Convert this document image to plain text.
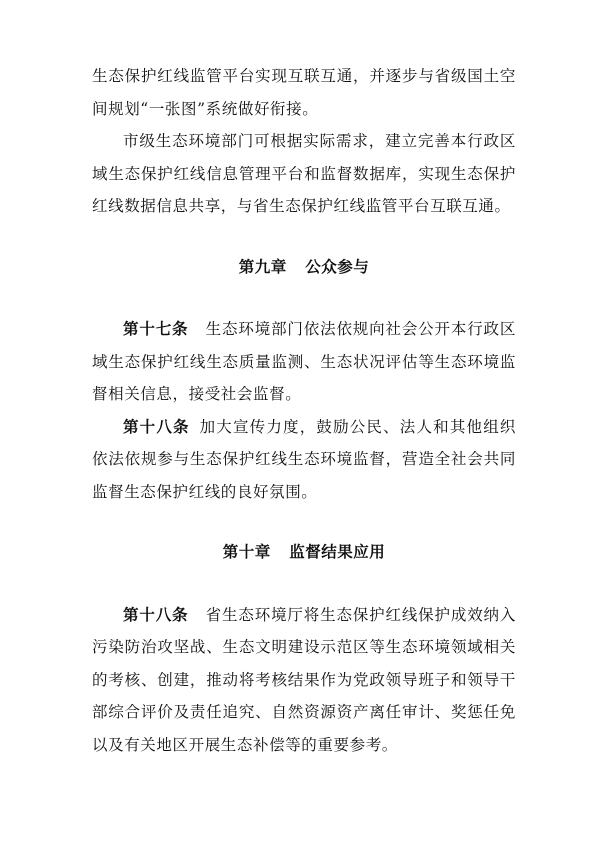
生态保护红线监管平台实现互联互通，并逐步与省级国土空间规划“一张图”系统做好衔接。

市级生态环境部门可根据实际需求，建立完善本行政区域生态保护红线信息管理平台和监督数据库，实现生态保护红线数据信息共享，与省生态保护红线监管平台互联互通。

第九章 公众参与

第十七条 生态环境部门依法依规向社会公开本行政区域生态保护红线生态质量监测、生态状况评估等生态环境监督相关信息，接受社会监督。

第十八条 加大宣传力度，鼓励公民、法人和其他组织依法依规参与生态保护红线生态环境监督，营造全社会共同监督生态保护红线的良好氛围。

第十章 监督结果应用

第十八条 省生态环境厅将生态保护红线保护成效纳入污染防治攻坚战、生态文明建设示范区等生态环境领域相关的考核、创建，推动将考核结果作为党政领导班子和领导干部综合评价及责任追究、自然资源资产离任审计、奖惩任免以及有关地区开展生态补偿等的重要参考。
